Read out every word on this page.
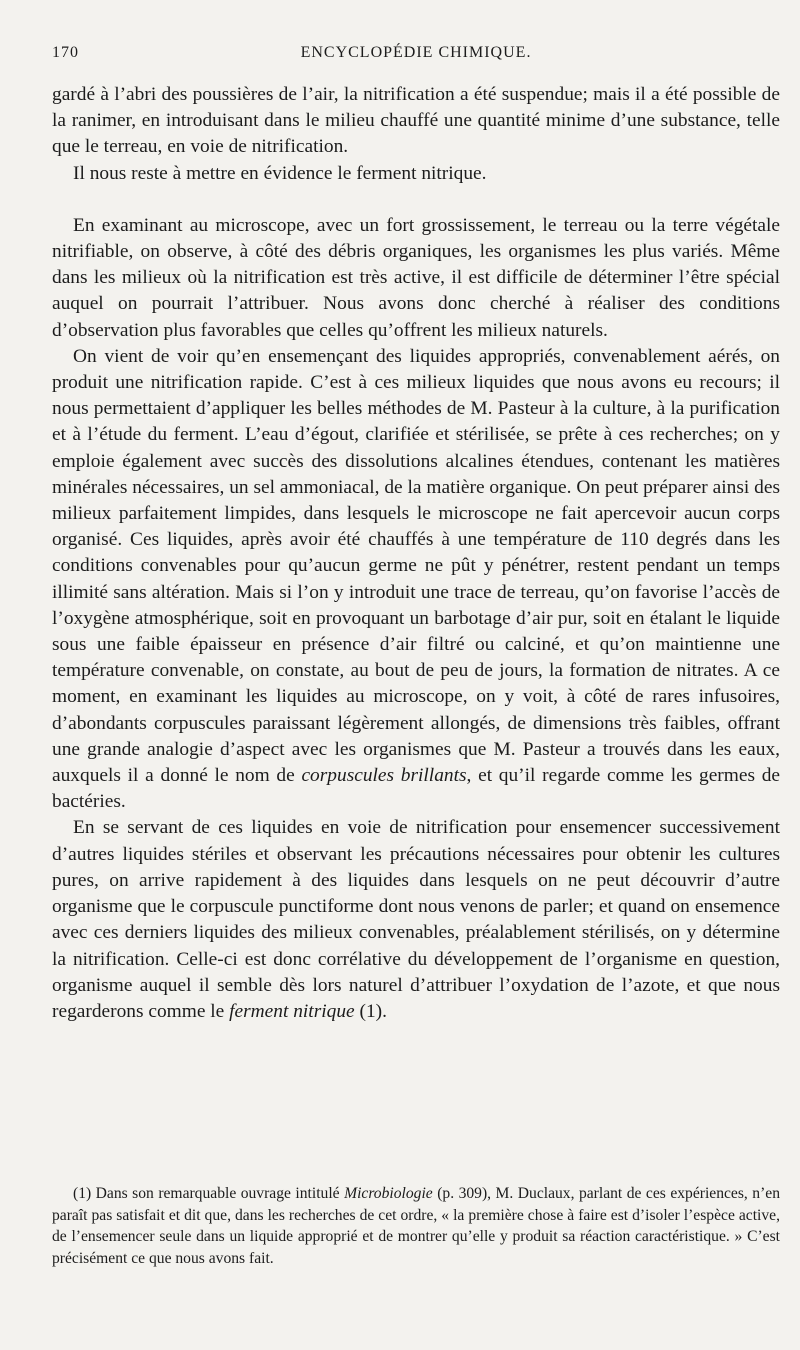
170	ENCYCLOPÉDIE CHIMIQUE.

gardé à l’abri des poussières de l’air, la nitrification a été suspendue; mais il a été possible de la ranimer, en introduisant dans le milieu chauffé une quantité minime d’une substance, telle que le terreau, en voie de nitrification.

Il nous reste à mettre en évidence le ferment nitrique.

En examinant au microscope, avec un fort grossissement, le terreau ou la terre végétale nitrifiable, on observe, à côté des débris organiques, les organismes les plus variés. Même dans les milieux où la nitrification est très active, il est difficile de déterminer l’être spécial auquel on pourrait l’attribuer. Nous avons donc cherché à réaliser des conditions d’observation plus favorables que celles qu’offrent les milieux naturels.

On vient de voir qu’en ensemençant des liquides appropriés, convenablement aérés, on produit une nitrification rapide. C’est à ces milieux liquides que nous avons eu recours; il nous permettaient d’appliquer les belles méthodes de M. Pasteur à la culture, à la purification et à l’étude du ferment. L’eau d’égout, clarifiée et stérilisée, se prête à ces recherches; on y emploie également avec succès des dissolutions alcalines étendues, contenant les matières minérales nécessaires, un sel ammoniacal, de la matière organique. On peut préparer ainsi des milieux parfaitement limpides, dans lesquels le microscope ne fait apercevoir aucun corps organisé. Ces liquides, après avoir été chauffés à une température de 110 degrés dans les conditions convenables pour qu’aucun germe ne pût y pénétrer, restent pendant un temps illimité sans altération. Mais si l’on y introduit une trace de terreau, qu’on favorise l’accès de l’oxygène atmosphérique, soit en provoquant un barbotage d’air pur, soit en étalant le liquide sous une faible épaisseur en présence d’air filtré ou calciné, et qu’on maintienne une température convenable, on constate, au bout de peu de jours, la formation de nitrates. A ce moment, en examinant les liquides au microscope, on y voit, à côté de rares infusoires, d’abondants corpuscules paraissant légèrement allongés, de dimensions très faibles, offrant une grande analogie d’aspect avec les organismes que M. Pasteur a trouvés dans les eaux, auxquels il a donné le nom de corpuscules brillants, et qu’il regarde comme les germes de bactéries.

En se servant de ces liquides en voie de nitrification pour ensemencer successivement d’autres liquides stériles et observant les précautions nécessaires pour obtenir les cultures pures, on arrive rapidement à des liquides dans lesquels on ne peut découvrir d’autre organisme que le corpuscule punctiforme dont nous venons de parler; et quand on ensemence avec ces derniers liquides des milieux convenables, préalablement stérilisés, on y détermine la nitrification. Celle-ci est donc corrélative du développement de l’organisme en question, organisme auquel il semble dès lors naturel d’attribuer l’oxydation de l’azote, et que nous regarderons comme le ferment nitrique (1).

(1) Dans son remarquable ouvrage intitulé Microbiologie (p. 309), M. Duclaux, parlant de ces expériences, n’en paraît pas satisfait et dit que, dans les recherches de cet ordre, « la première chose à faire est d’isoler l’espèce active, de l’ensemencer seule dans un liquide approprié et de montrer qu’elle y produit sa réaction caractéristique. » C’est précisément ce que nous avons fait.
